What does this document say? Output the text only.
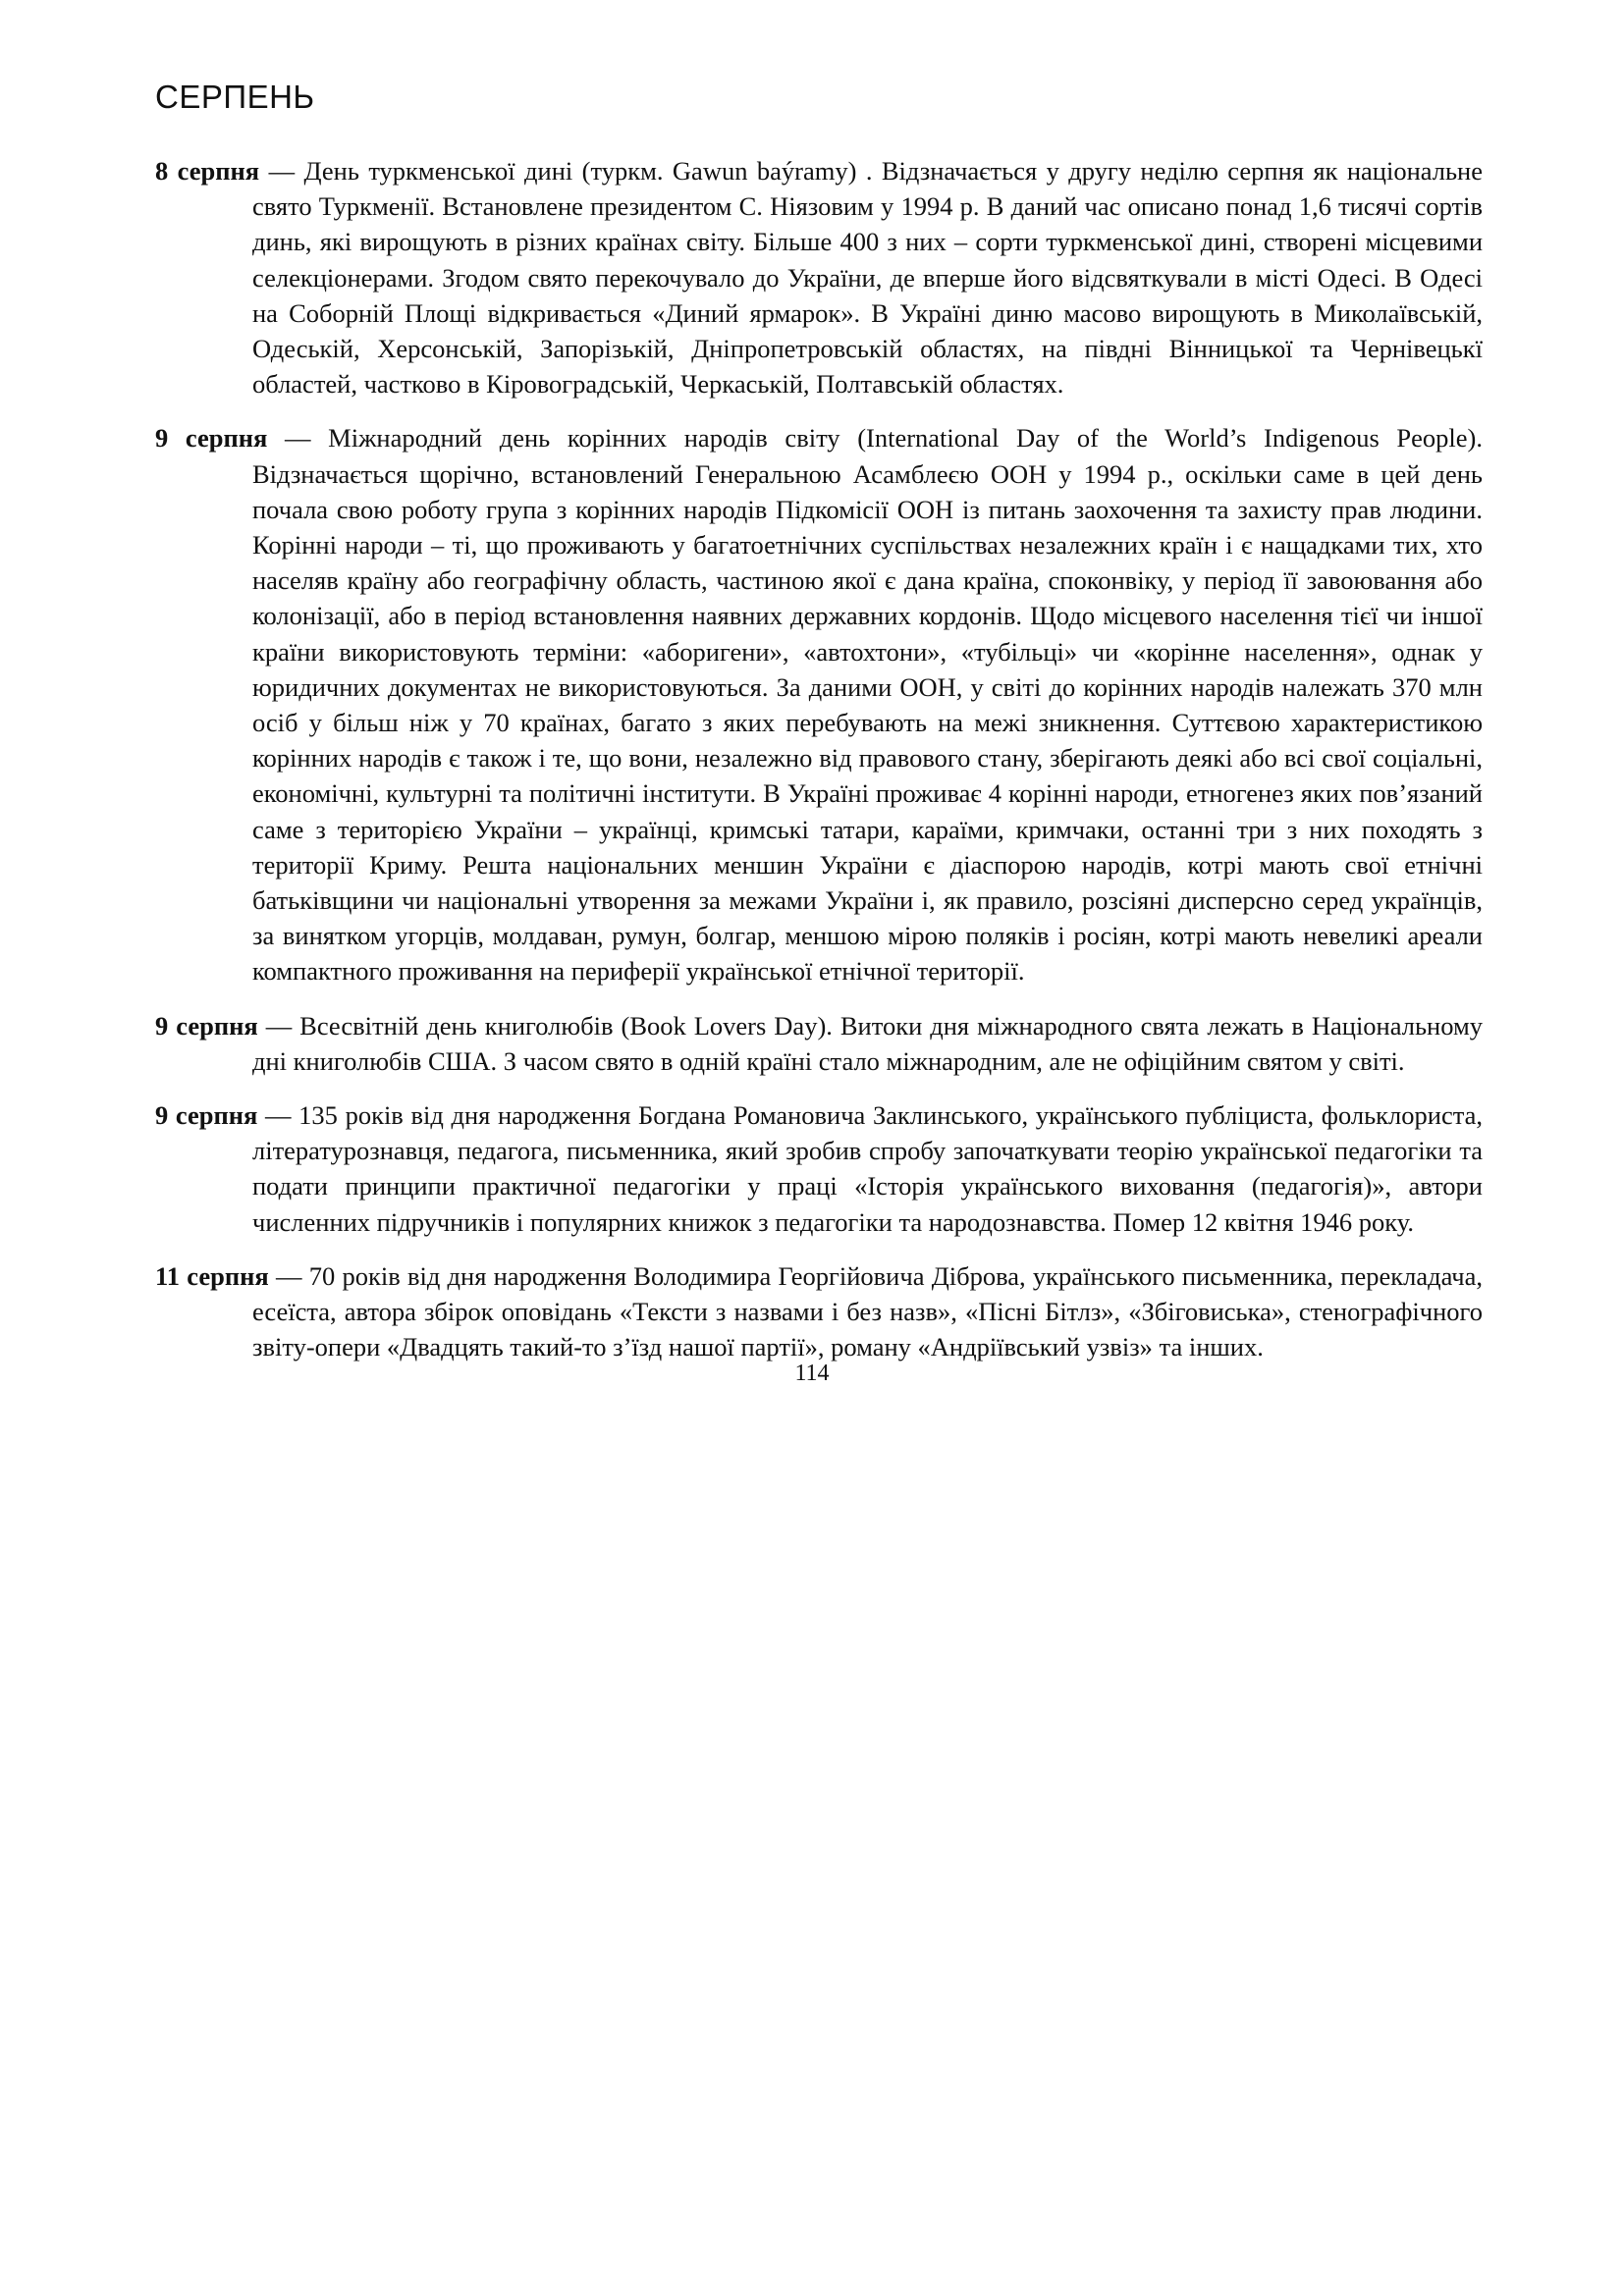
СЕРПЕНЬ

8 серпня — День туркменської дині (туркм. Gawun baýramy) . Відзначається у другу неділю серпня як національне свято Туркменії. Встановлене президентом С. Ніязовим у 1994 р. В даний час описано понад 1,6 тисячі сортів динь, які вирощують в різних країнах світу. Більше 400 з них – сорти туркменської дині, створені місцевими селекціонерами. Згодом свято перекочувало до України, де вперше його відсвяткували в місті Одесі. В Одесі на Соборній Площі відкривається «Диний ярмарок». В Україні диню масово вирощують в Миколаївській, Одеській, Херсонській, Запорізькій, Дніпропетровській областях, на півдні Вінницької та Чернівецькї областей, частково в Кіровоградській, Черкаській, Полтавській областях.

9 серпня — Міжнародний день корінних народів світу (International Day of the World’s Indigenous People). Відзначається щорічно, встановлений Генеральною Асамблеєю ООН у 1994 р., оскільки саме в цей день почала свою роботу група з корінних народів Підкомісії ООН із питань заохочення та захисту прав людини. Корінні народи – ті, що проживають у багатоетнічних суспільствах незалежних країн і є нащадками тих, хто населяв країну або географічну область, частиною якої є дана країна, споконвіку, у період її завоювання або колонізації, або в період встановлення наявних державних кордонів. Щодо місцевого населення тієї чи іншої країни використовують терміни: «аборигени», «автохтони», «тубільці» чи «корінне населення», однак у юридичних документах не використовуються. За даними ООН, у світі до корінних народів належать 370 млн осіб у більш ніж у 70 країнах, багато з яких перебувають на межі зникнення. Суттєвою характеристикою корінних народів є також і те, що вони, незалежно від правового стану, зберігають деякі або всі свої соціальні, економічні, культурні та політичні інститути. В Україні проживає 4 корінні народи, етногенез яких пов’язаний саме з територією України – українці, кримські татари, караїми, кримчаки, останні три з них походять з території Криму. Решта національних меншин України є діаспорою народів, котрі мають свої етнічні батьківщини чи національні утворення за межами України і, як правило, розсіяні дисперсно серед українців, за винятком угорців, молдаван, румун, болгар, меншою мірою поляків і росіян, котрі мають невеликі ареали компактного проживання на периферії української етнічної території.

9 серпня — Всесвітній день книголюбів (Book Lovers Day). Витоки дня міжнародного свята лежать в Національному дні книголюбів США. З часом свято в одній країні стало міжнародним, але не офіційним святом у світі.

9 серпня — 135 років від дня народження Богдана Романовича Заклинського, українського публіциста, фольклориста, літературознавця, педагога, письменника, який зробив спробу започаткувати теорію української педагогіки та подати принципи практичної педагогіки у праці «Історія українського виховання (педагогія)», автори численних підручників і популярних книжок з педагогіки та народознавства. Помер 12 квітня 1946 року.

11 серпня — 70 років від дня народження Володимира Георгійовича Діброва, українського письменника, перекладача, есеїста, автора збірок оповідань «Тексти з назвами і без назв», «Пісні Бітлз», «Збіговиська», стенографічного звіту-опери «Двадцять такий-то з’їзд нашої партії», роману «Андріївський узвіз» та інших.

114
